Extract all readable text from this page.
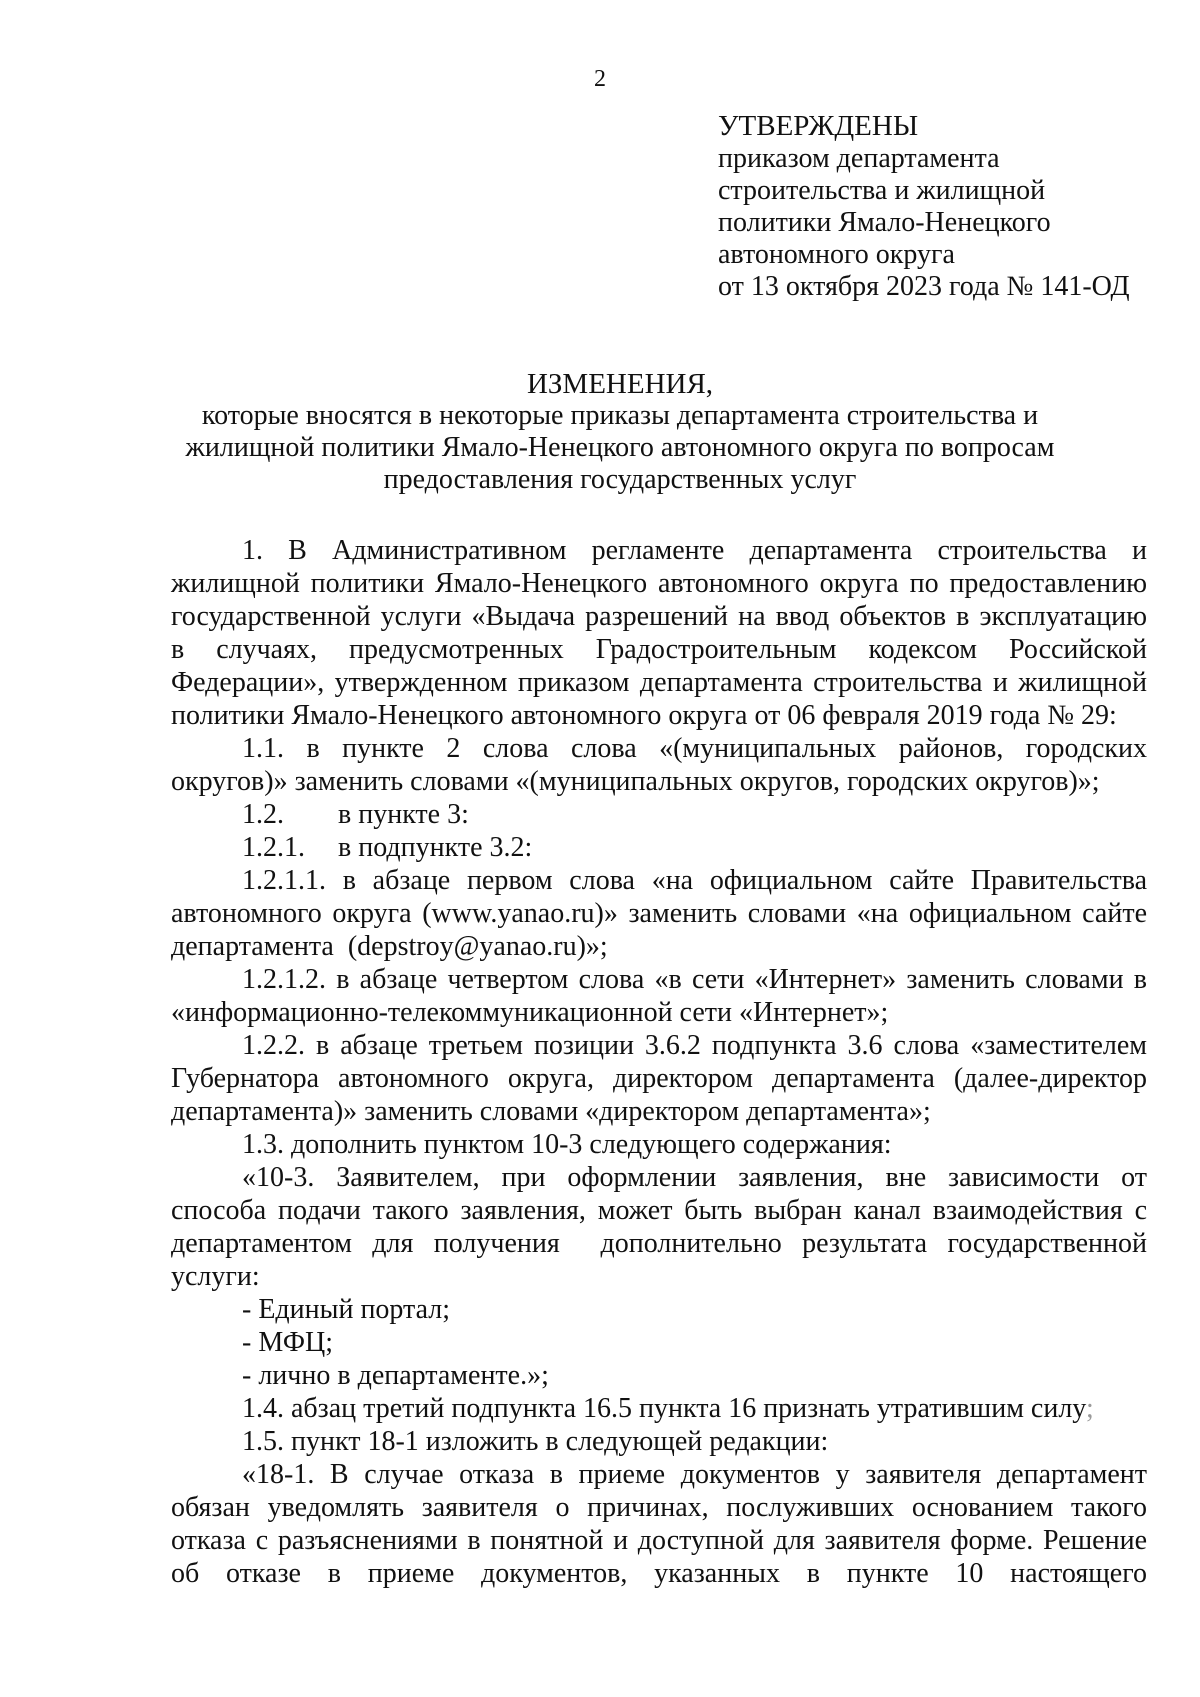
2
УТВЕРЖДЕНЫ
приказом департамента
строительства и жилищной
политики Ямало-Ненецкого
автономного округа
от 13 октября 2023 года № 141-ОД
ИЗМЕНЕНИЯ,
которые вносятся в некоторые приказы департамента строительства и
жилищной политики Ямало-Ненецкого автономного округа по вопросам
предоставления государственных услуг

1. В Административном регламенте департамента строительства и

жилищной политики Ямало-Ненецкого автономного округа по предоставлению

государственной услуги «Выдача разрешений на ввод объектов в эксплуатацию

в случаях, предусмотренных Градостроительным кодексом Российской

Федерации», утвержденном приказом департамента строительства и жилищной

политики Ямало-Ненецкого автономного округа от 06 февраля 2019 года № 29:

1.1. в пункте 2 слова слова «(муниципальных районов, городских

округов)» заменить словами «(муниципальных округов, городских округов)»;

1.2. в пункте 3:

1.2.1. в подпункте 3.2:

1.2.1.1. в абзаце первом слова «на официальном сайте Правительства

автономного округа (www.yanao.ru)» заменить словами «на официальном сайте

департамента  (depstroy@yanao.ru)»;

1.2.1.2. в абзаце четвертом слова «в сети «Интернет» заменить словами в

«информационно-телекоммуникационной сети «Интернет»;

1.2.2. в абзаце третьем позиции 3.6.2 подпункта 3.6 слова «заместителем

Губернатора автономного округа, директором департамента (далее-директор

департамента)» заменить словами «директором департамента»;

1.3. дополнить пунктом 10-3 следующего содержания:

«10-3. Заявителем, при оформлении заявления, вне зависимости от

способа подачи такого заявления, может быть выбран канал взаимодействия с

департаментом для получения  дополнительно результата государственной

услуги:

- Единый портал;

- МФЦ;

- лично в департаменте.»;

1.4. абзац третий подпункта 16.5 пункта 16 признать утратившим силу;

1.5. пункт 18-1 изложить в следующей редакции:

«18-1. В случае отказа в приеме документов у заявителя департамент

обязан уведомлять заявителя о причинах, послуживших основанием такого

отказа с разъяснениями в понятной и доступной для заявителя форме. Решение

об отказе в приеме документов, указанных в пункте 10 настоящего
